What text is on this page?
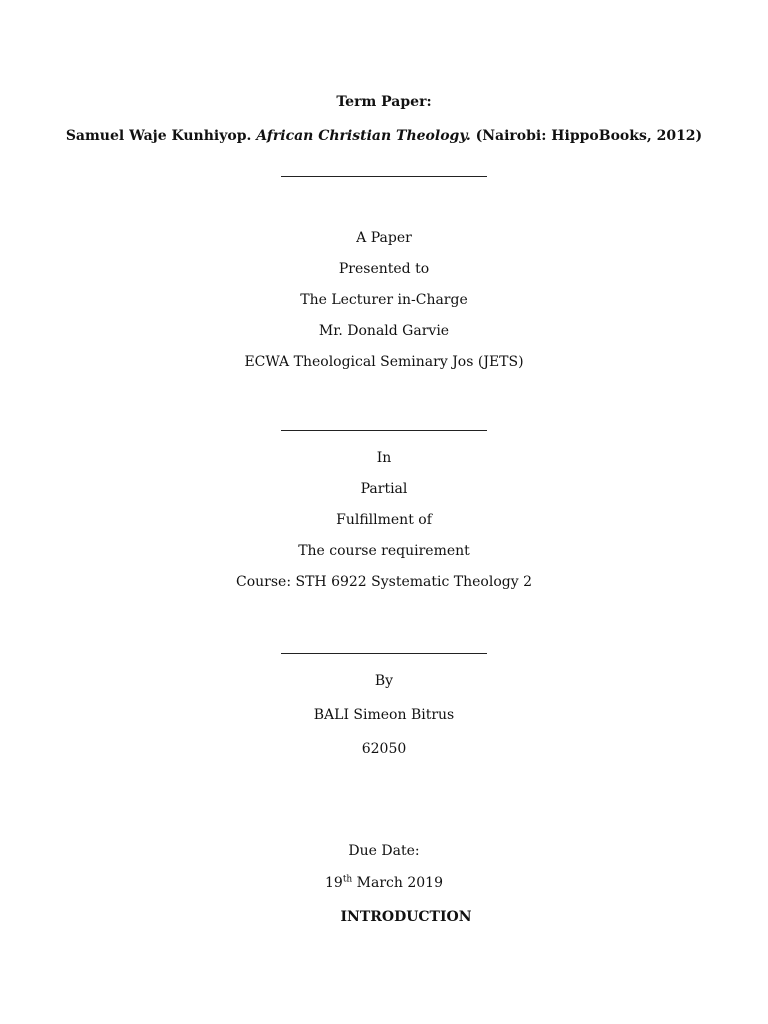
Term Paper:
Samuel Waje Kunhiyop. African Christian Theology. (Nairobi: HippoBooks, 2012)
A Paper
Presented to
The Lecturer in-Charge
Mr. Donald Garvie
ECWA Theological Seminary Jos (JETS)
In
Partial
Fulfillment of
The course requirement
Course: STH 6922 Systematic Theology 2
By
BALI Simeon Bitrus
62050
Due Date:
19th March 2019
INTRODUCTION
